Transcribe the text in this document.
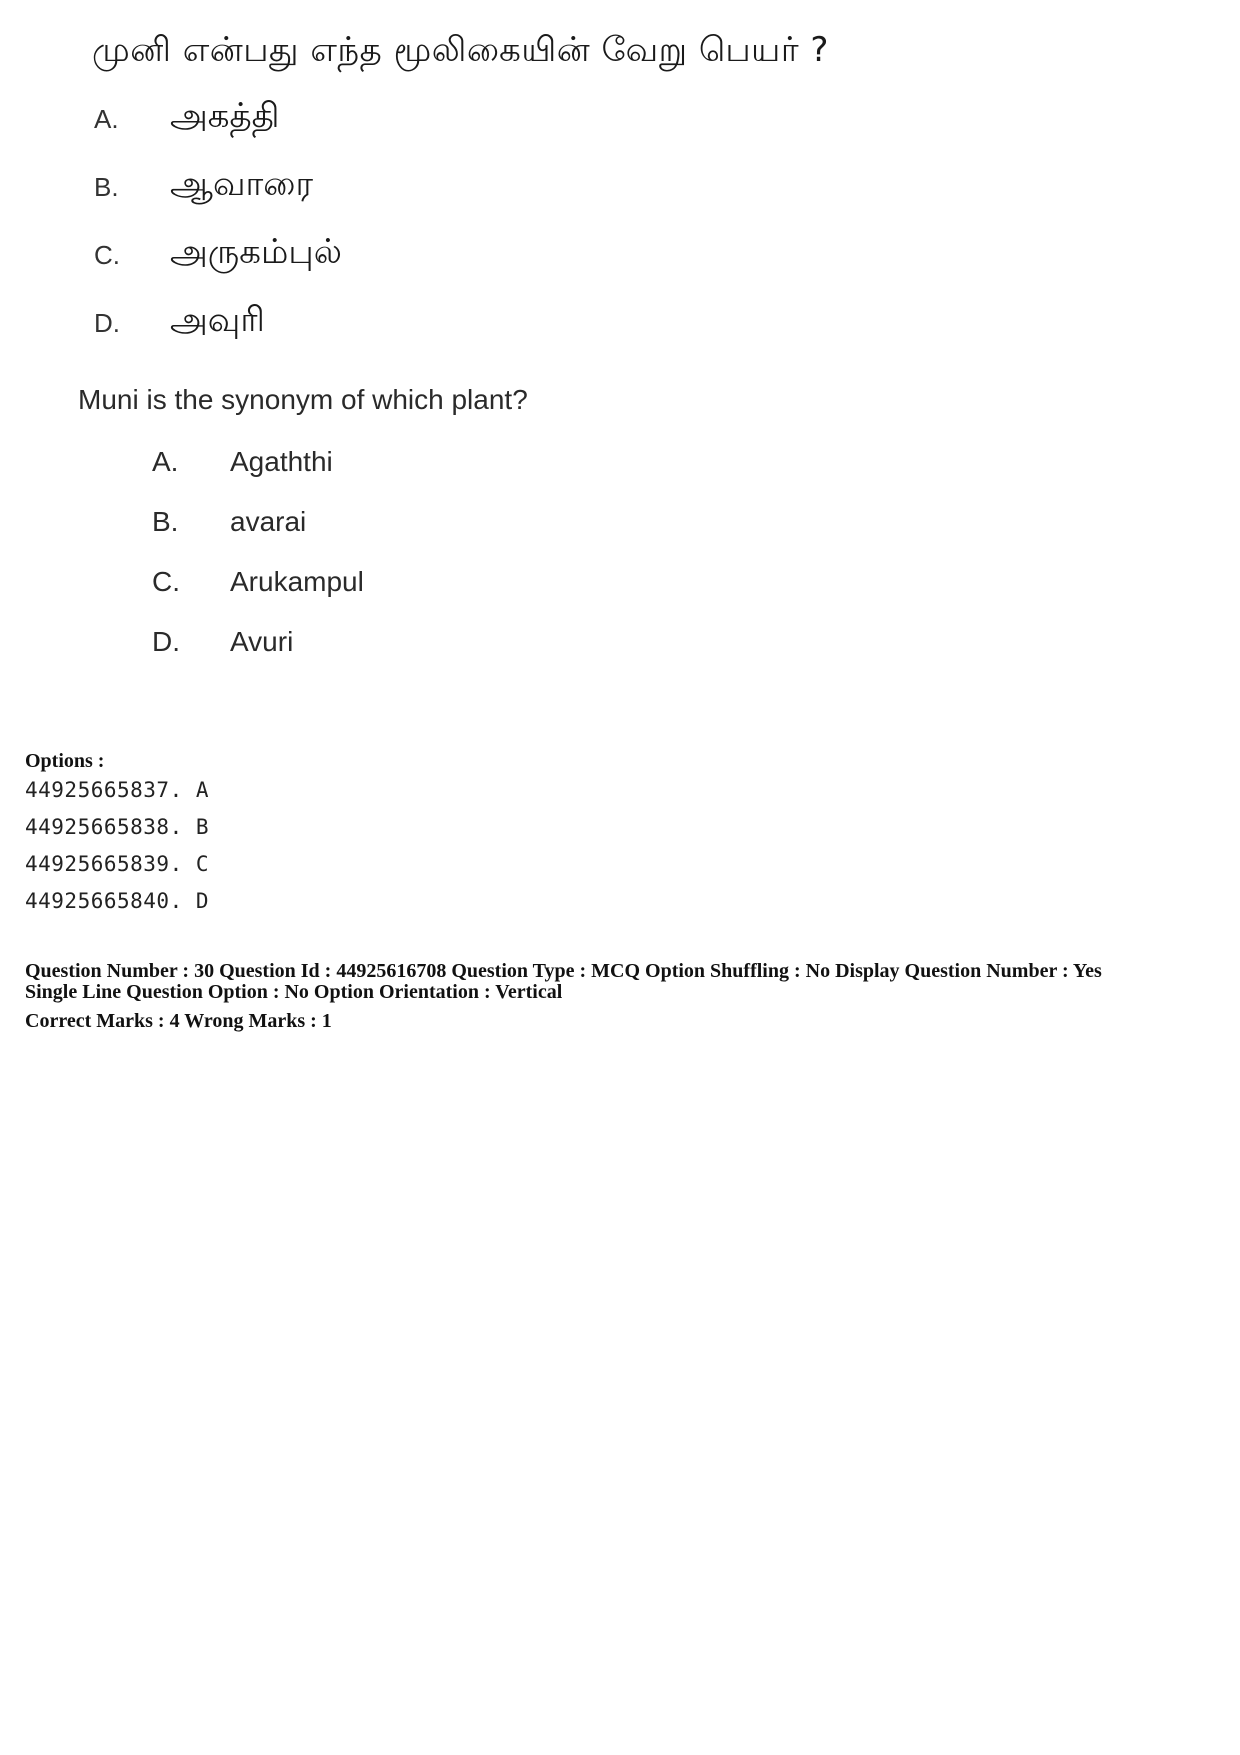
முனி என்பது எந்த மூலிகையின் வேறு பெயர் ?
A. அகத்தி
B. ஆவாரை
C. அருகம்புல்
D. அவுரி
Muni is the synonym of which plant?
A. Agaththi
B. avarai
C. Arukampul
D. Avuri
Options :
44925665837. A
44925665838. B
44925665839. C
44925665840. D
Question Number : 30 Question Id : 44925616708 Question Type : MCQ Option Shuffling : No Display Question Number : Yes
Single Line Question Option : No Option Orientation : Vertical
Correct Marks : 4 Wrong Marks : 1
